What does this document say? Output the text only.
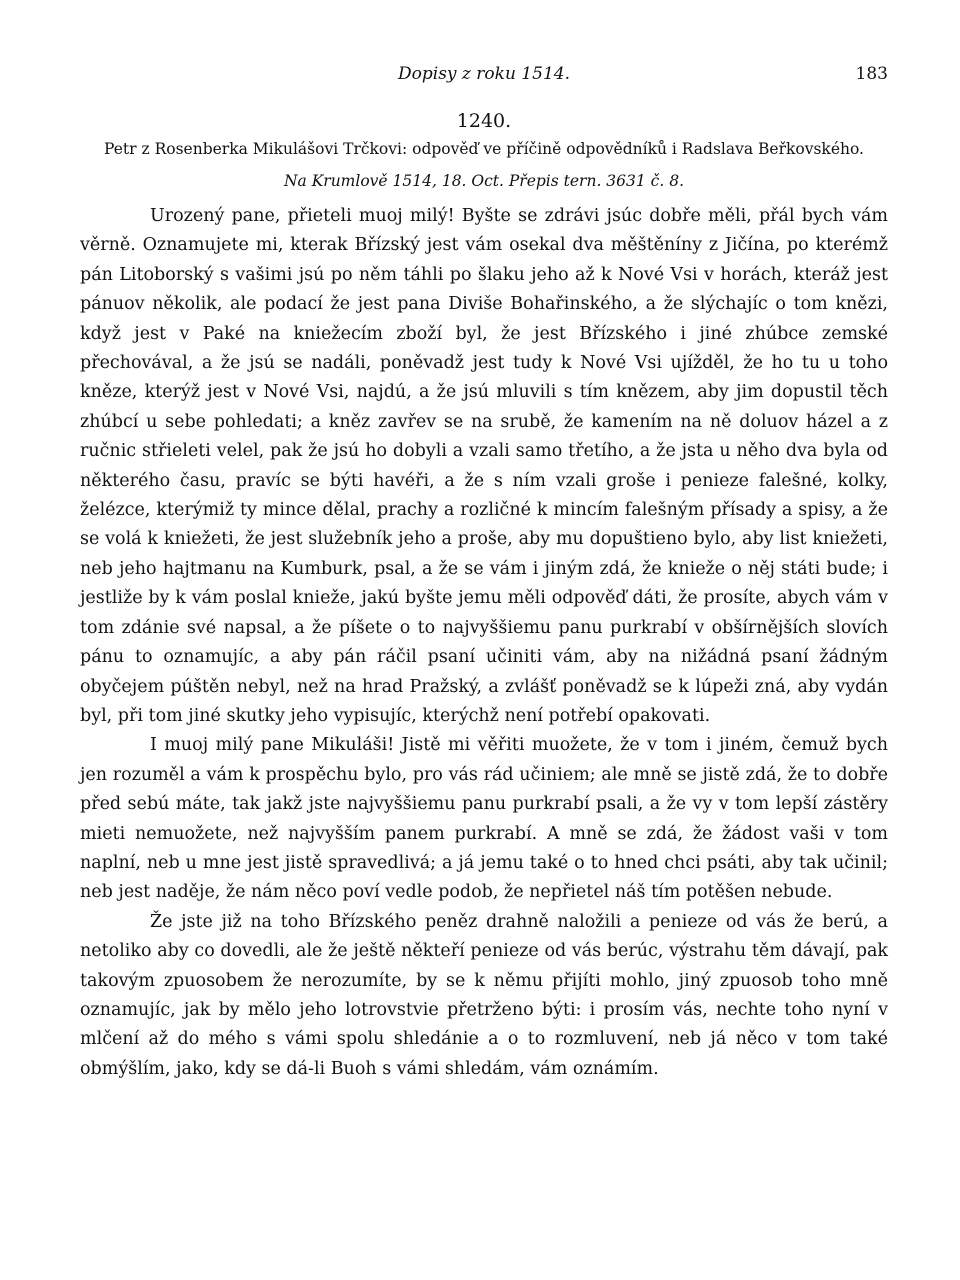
Dopisy z roku 1514.	183
1240.
Petr z Rosenberka Mikulášovi Trčkovi: odpověď ve příčině odpovědníků i Radslava Beřkovského.
Na Krumlově 1514, 18. Oct. Přepis tern. 3631 č. 8.

Urozený pane, přieteli muoj milý! Byšte se zdrávi jsúc dobře měli, přál bych vám věrně. Oznamujete mi, kterak Břízský jest vám osekal dva měštěníny z Jičína, po kterémž pán Litoborský s vašimi jsú po něm táhli po šlaku jeho až k Nové Vsi v horách, kteráž jest pánuov několik, ale podací že jest pana Diviše Bohařinského, a že slýchajíc o tom knězi, když jest v Paké na kniežecím zboží byl, že jest Břízského i jiné zhúbce zemské přechovával, a že jsú se nadáli, poněvadž jest tudy k Nové Vsi ujížděl, že ho tu u toho kněze, kterýž jest v Nové Vsi, najdú, a že jsú mluvili s tím knězem, aby jim dopustil těch zhúbcí u sebe pohledati; a kněz zavřev se na srubě, že kamením na ně doluov házel a z ručnic střieleti velel, pak že jsú ho dobyli a vzali samo třetího, a že jsta u něho dva byla od některého času, pravíc se býti havéři, a že s ním vzali groše i penieze falešné, kolky, želézce, kterýmiž ty mince dělal, prachy a rozličné k mincím falešným přísady a spisy, a že se volá k kniežeti, že jest služebník jeho a proše, aby mu dopuštieno bylo, aby list kniežeti, neb jeho hajtmanu na Kumburk, psal, a že se vám i jiným zdá, že knieže o něj státi bude; i jestliže by k vám poslal knieže, jakú byšte jemu měli odpověď dáti, že prosíte, abych vám v tom zdánie své napsal, a že píšete o to najvyššiemu panu purkrabí v obšírnějších slovích pánu to oznamujíc, a aby pán ráčil psaní učiniti vám, aby na nižádná psaní žádným obyčejem púštěn nebyl, než na hrad Pražský, a zvlášť poněvadž se k lúpeži zná, aby vydán byl, při tom jiné skutky jeho vypisujíc, kterýchž není potřebí opakovati.

I muoj milý pane Mikuláši! Jistě mi věřiti muožete, že v tom i jiném, čemuž bych jen rozuměl a vám k prospěchu bylo, pro vás rád učiniem; ale mně se jistě zdá, že to dobře před sebú máte, tak jakž jste najvyššiemu panu purkrabí psali, a že vy v tom lepší zástěry mieti nemuožete, než najvyšším panem purkrabí. A mně se zdá, že žádost vaši v tom naplní, neb u mne jest jistě spravedlivá; a já jemu také o to hned chci psáti, aby tak učinil; neb jest naděje, že nám něco poví vedle podob, že nepřietel náš tím potěšen nebude.

Že jste již na toho Břízského peněz drahně naložili a penieze od vás že berú, a netoliko aby co dovedli, ale že ještě někteří penieze od vás berúc, výstrahu těm dávají, pak takovým zpuosobem že nerozumíte, by se k němu přijíti mohlo, jiný zpuosob toho mně oznamujíc, jak by mělo jeho lotrovstvie přetrženo býti: i prosím vás, nechte toho nyní v mlčení až do mého s vámi spolu shledánie a o to rozmluvení, neb já něco v tom také obmýšlím, jako, kdy se dá-li Buoh s vámi shledám, vám oznámím.
